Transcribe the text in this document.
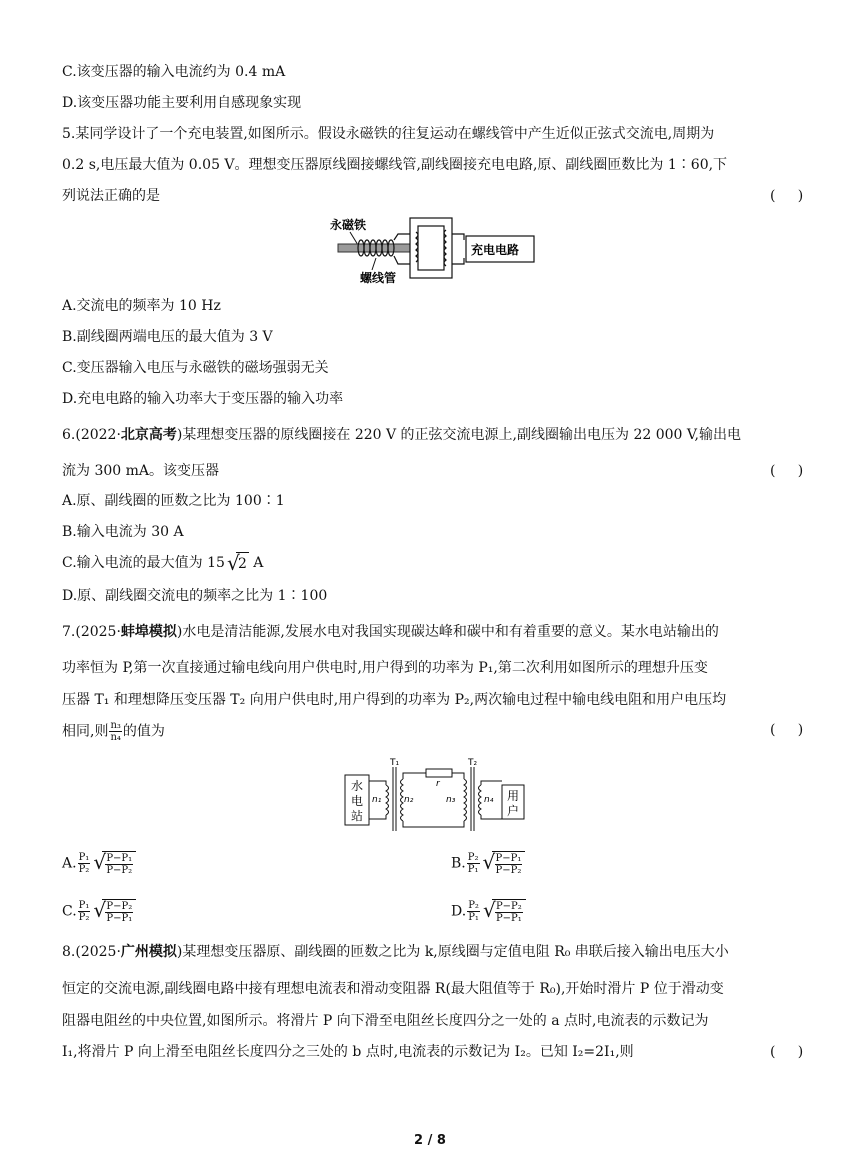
C.该变压器的输入电流约为 0.4 mA
D.该变压器功能主要利用自感现象实现
5.某同学设计了一个充电装置,如图所示。假设永磁铁的往复运动在螺线管中产生近似正弦式交流电,周期为
0.2 s,电压最大值为 0.05 V。理想变压器原线圈接螺线管,副线圈接充电电路,原、副线圈匝数比为 1∶60,下
列说法正确的是	(     )
永磁铁
螺线管
充电电路
A.交流电的频率为 10 Hz
B.副线圈两端电压的最大值为 3 V
C.变压器输入电压与永磁铁的磁场强弱无关
D.充电电路的输入功率大于变压器的输入功率
6.(2022·北京高考)某理想变压器的原线圈接在 220 V 的正弦交流电源上,副线圈输出电压为 22 000 V,输出电
流为 300 mA。该变压器	(     )
A.原、副线圈的匝数之比为 100∶1
B.输入电流为 30 A
C.输入电流的最大值为 15 √
2 A
D.原、副线圈交流电的频率之比为 1∶100
7.(2025·蚌埠模拟)水电是清洁能源,发展水电对我国实现碳达峰和碳中和有着重要的意义。某水电站输出的
功率恒为 P,第一次直接通过输电线向用户供电时,用户得到的功率为 P₁,第二次利用如图所示的理想升压变
压器 T₁ 和理想降压变压器 T₂ 向用户供电时,用户得到的功率为 P₂,两次输电过程中输电线电阻和用户电压均
相同,则 $\frac{\text{n₃}}{\text{n₄}}$ 的值为	(     )
水
电
站
用
户
T₁	T₂
r
n₁	n₂	n₃	n₄
A. $\frac{\text{P₁}}{\text{P₂}}$ √ $\frac{\text{P−P₁}}{\text{P−P₂}}$	B. $\frac{\text{P₂}}{\text{P₁}}$ √ $\frac{\text{P−P₁}}{\text{P−P₂}}$
C. $\frac{\text{P₁}}{\text{P₂}}$ √ $\frac{\text{P−P₂}}{\text{P−P₁}}$	D. $\frac{\text{P₂}}{\text{P₁}}$ √ $\frac{\text{P−P₂}}{\text{P−P₁}}$
8.(2025·广州模拟)某理想变压器原、副线圈的匝数之比为 k,原线圈与定值电阻 R₀ 串联后接入输出电压大小
恒定的交流电源,副线圈电路中接有理想电流表和滑动变阻器 R(最大阻值等于 R₀),开始时滑片 P 位于滑动变
阻器电阻丝的中央位置,如图所示。将滑片 P 向下滑至电阻丝长度四分之一处的 a 点时,电流表的示数记为
I₁,将滑片 P 向上滑至电阻丝长度四分之三处的 b 点时,电流表的示数记为 I₂。已知 I₂=2I₁,则	(     )
2 / 8
